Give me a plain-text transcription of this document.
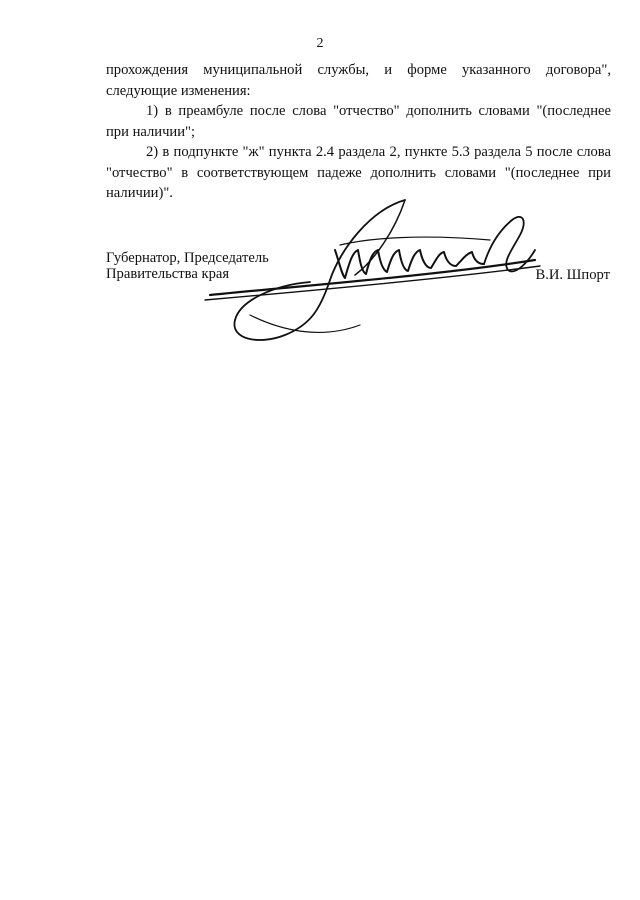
2

прохождения муниципальной службы, и форме указанного договора", следующие изменения:

1) в преамбуле после слова "отчество" дополнить словами "(последнее при наличии";

2) в подпункте "ж" пункта 2.4 раздела 2, пункте 5.3 раздела 5 после слова "отчество" в соответствующем падеже дополнить словами "(последнее при наличии)".

Губернатор, Председатель
Правительства края	В.И. Шпорт
